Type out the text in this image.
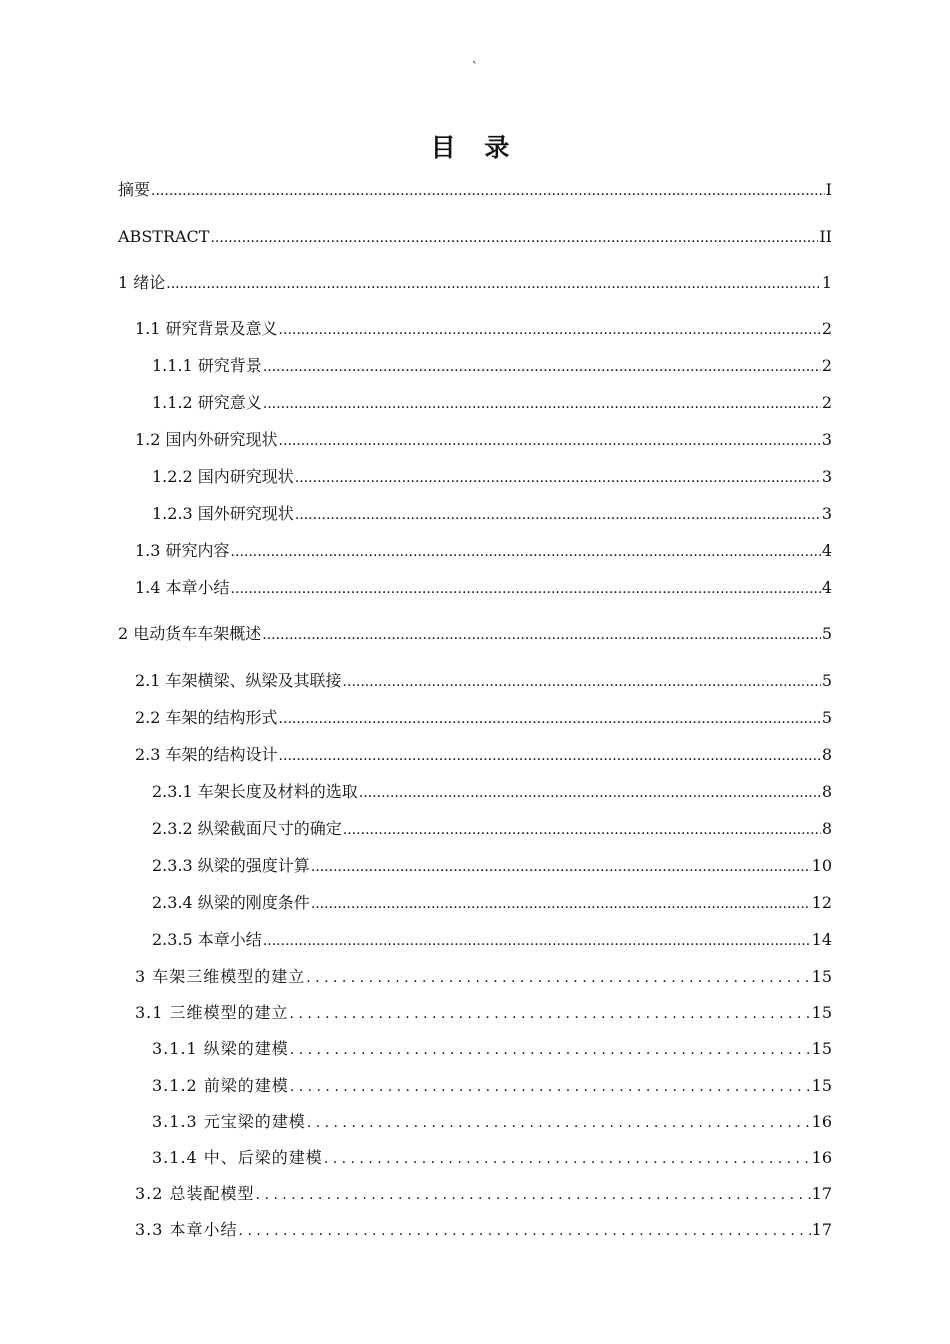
`
目 录
摘要 .....	I
ABSTRACT .....	II
1 绪论 .....	1
1.1 研究背景及意义 .....	2
1.1.1 研究背景 .....	2
1.1.2 研究意义 .....	2
1.2 国内外研究现状 .....	3
1.2.2 国内研究现状 .....	3
1.2.3 国外研究现状 .....	3
1.3 研究内容 .....	4
1.4 本章小结 .....	4
2 电动货车车架概述 .....	5
2.1 车架横梁、纵梁及其联接 .....	5
2.2 车架的结构形式 .....	5
2.3 车架的结构设计 .....	8
2.3.1 车架长度及材料的选取 .....	8
2.3.2 纵梁截面尺寸的确定 .....	8
2.3.3 纵梁的强度计算 .....	10
2.3.4 纵梁的刚度条件 .....	12
2.3.5 本章小结 .....	14
3 车架三维模型的建立 . . .	15
3.1 三维模型的建立 . . .	15
3.1.1 纵梁的建模 . . .	15
3.1.2 前梁的建模 . . .	15
3.1.3 元宝梁的建模 . . .	16
3.1.4 中、后梁的建模 . . .	16
3.2 总装配模型 . . .	17
3.3 本章小结 . . .	17
